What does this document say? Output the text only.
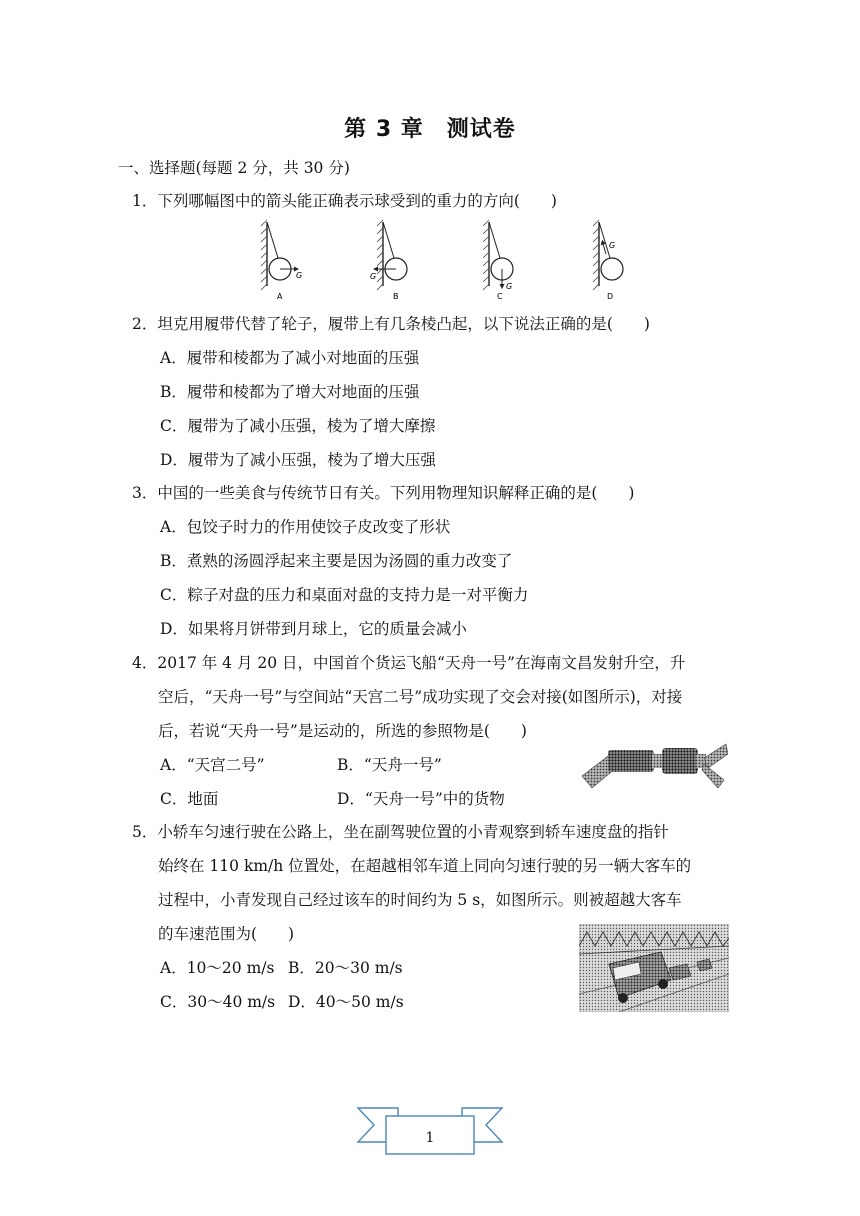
第 3 章　测试卷
一、选择题(每题 2 分，共 30 分)
1．下列哪幅图中的箭头能正确表示球受到的重力的方向(　　)
G
A
G
B
G
C
G
D
2．坦克用履带代替了轮子，履带上有几条棱凸起，以下说法正确的是(　　)
A．履带和棱都为了减小对地面的压强
B．履带和棱都为了增大对地面的压强
C．履带为了减小压强，棱为了增大摩擦
D．履带为了减小压强，棱为了增大压强
3．中国的一些美食与传统节日有关。下列用物理知识解释正确的是(　　)
A．包饺子时力的作用使饺子皮改变了形状
B．煮熟的汤圆浮起来主要是因为汤圆的重力改变了
C．粽子对盘的压力和桌面对盘的支持力是一对平衡力
D．如果将月饼带到月球上，它的质量会减小
4．2017 年 4 月 20 日，中国首个货运飞船“天舟一号”在海南文昌发射升空，升
空后，“天舟一号”与空间站“天宫二号”成功实现了交会对接(如图所示)，对接
后，若说“天舟一号”是运动的，所选的参照物是(　　)
A．“天宫二号”	B．“天舟一号”
C．地面	D．“天舟一号”中的货物
5．小轿车匀速行驶在公路上，坐在副驾驶位置的小青观察到轿车速度盘的指针
始终在 110 km/h 位置处，在超越相邻车道上同向匀速行驶的另一辆大客车的
过程中，小青发现自己经过该车的时间约为 5 s，如图所示。则被超越大客车
的车速范围为(　　)
A．10～20 m/s B．20～30 m/s
C．30～40 m/s D．40～50 m/s
1
